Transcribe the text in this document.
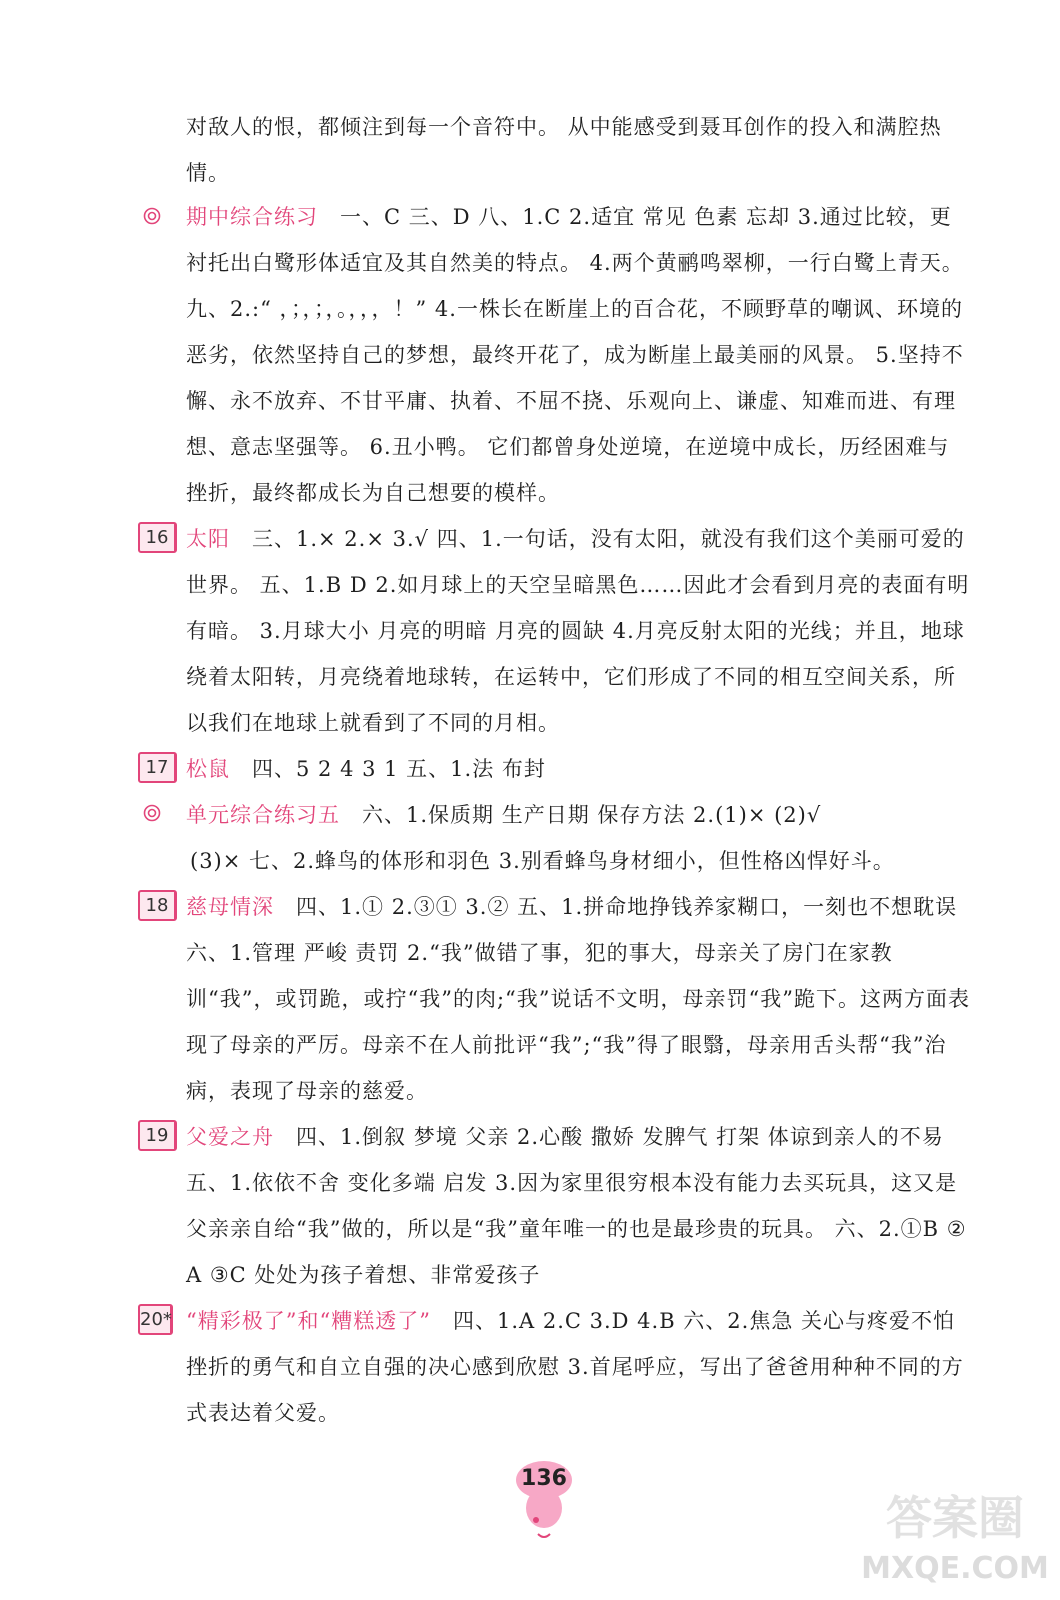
对敌人的恨，都倾注到每一个音符中。 从中能感受到聂耳创作的投入和满腔热情。
期中综合练习 一、C 三、D 八、1.C 2.适宜 常见 色素 忘却 3.通过比较，更衬托出白鹭形体适宜及其自然美的特点。 4.两个黄鹂鸣翠柳，一行白鹭上青天。 九、2.:“ ，；，；，。，，，！” 4.一株长在断崖上的百合花，不顾野草的嘲讽、环境的恶劣，依然坚持自己的梦想，最终开花了，成为断崖上最美丽的风景。 5.坚持不懈、永不放弃、不甘平庸、执着、不屈不挠、乐观向上、谦虚、知难而进、有理想、意志坚强等。 6.丑小鸭。 它们都曾身处逆境，在逆境中成长，历经困难与挫折，最终都成长为自己想要的模样。
16 太阳 三、1.× 2.× 3.√ 四、1.一句话，没有太阳，就没有我们这个美丽可爱的世界。 五、1.B D 2.如月球上的天空呈暗黑色……因此才会看到月亮的表面有明有暗。 3.月球大小 月亮的明暗 月亮的圆缺 4.月亮反射太阳的光线；并且，地球绕着太阳转，月亮绕着地球转，在运转中，它们形成了不同的相互空间关系，所以我们在地球上就看到了不同的月相。
17 松鼠 四、5 2 4 3 1 五、1.法 布封
单元综合练习五 六、1.保质期 生产日期 保存方法 2.(1)× (2)√
(3)× 七、2.蜂鸟的体形和羽色 3.别看蜂鸟身材细小，但性格凶悍好斗。
18 慈母情深 四、1.① 2.③① 3.② 五、1.拼命地挣钱养家糊口，一刻也不想耽误 六、1.管理 严峻 责罚 2.“我”做错了事，犯的事大，母亲关了房门在家教训“我”，或罚跪，或拧“我”的肉;“我”说话不文明，母亲罚“我”跪下。这两方面表现了母亲的严厉。母亲不在人前批评“我”;“我”得了眼翳，母亲用舌头帮“我”治病，表现了母亲的慈爱。
19 父爱之舟 四、1.倒叙 梦境 父亲 2.心酸 撒娇 发脾气 打架 体谅到亲人的不易 五、1.依依不舍 变化多端 启发 3.因为家里很穷根本没有能力去买玩具，这又是父亲亲自给“我”做的，所以是“我”童年唯一的也是最珍贵的玩具。 六、2.①B ②A ③C 处处为孩子着想、非常爱孩子
20* “精彩极了”和“糟糕透了” 四、1.A 2.C 3.D 4.B 六、2.焦急 关心与疼爱不怕挫折的勇气和自立自强的决心感到欣慰 3.首尾呼应，写出了爸爸用种种不同的方式表达着父爱。
136
答案圈
MXQE.COM
